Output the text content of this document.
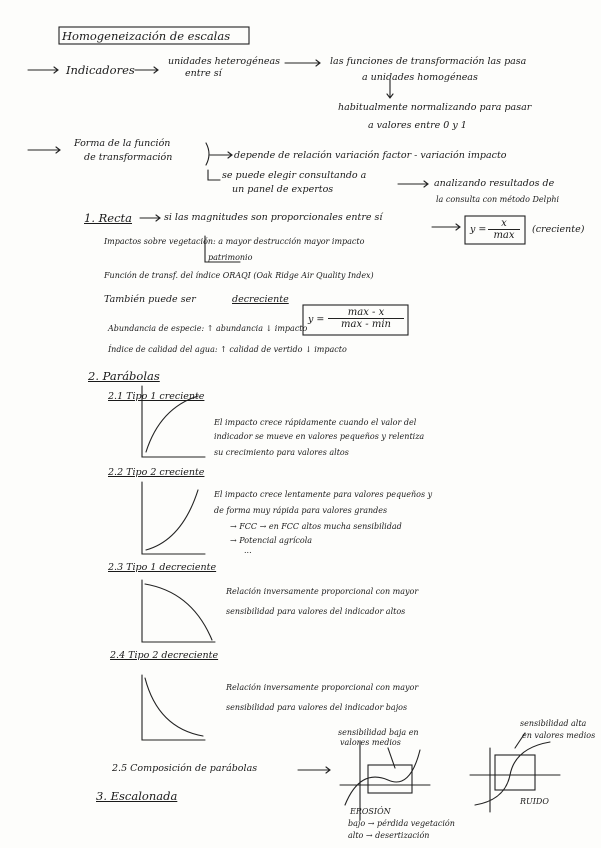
Homogeneización de escalas
Indicadores
unidades heterogéneas
entre sí
las funciones de transformación las pasa
a unidades homogéneas
habitualmente normalizando para pasar
a valores entre 0 y 1
Forma de la función
de transformación	depende de relación variación factor - variación impacto
se puede elegir consultando a
un panel de expertos
analizando resultados de
la consulta con método Delphi
1. Recta	si las magnitudes son proporcionales entre sí
y =
x
max
(creciente)
Impactos sobre vegetación: a mayor destrucción mayor impacto
patrimonio
Función de transf. del índice ORAQI (Oak Ridge Air Quality Index)
También puede ser	decreciente
y =
max - x
max - min
Abundancia de especie: ↑ abundancia ↓ impacto
Índice de calidad del agua: ↑ calidad de vertido ↓ impacto
2. Parábolas
2.1 Tipo 1 creciente
El impacto crece rápidamente cuando el valor del
indicador se mueve en valores pequeños y relentiza
su crecimiento para valores altos
2.2 Tipo 2 creciente
El impacto crece lentamente para valores pequeños y
de forma muy rápida para valores grandes
→ FCC → en FCC altos mucha sensibilidad
→ Potencial agrícola
...
2.3 Tipo 1 decreciente
Relación inversamente proporcional con mayor
sensibilidad para valores del indicador altos
2.4 Tipo 2 decreciente
Relación inversamente proporcional con mayor
sensibilidad para valores del indicador bajos
2.5 Composición de parábolas
sensibilidad baja en
valores medios
sensibilidad alta
en valores medios
EROSIÓN
bajo → pérdida vegetación
alto → desertización
RUIDO
3. Escalonada
